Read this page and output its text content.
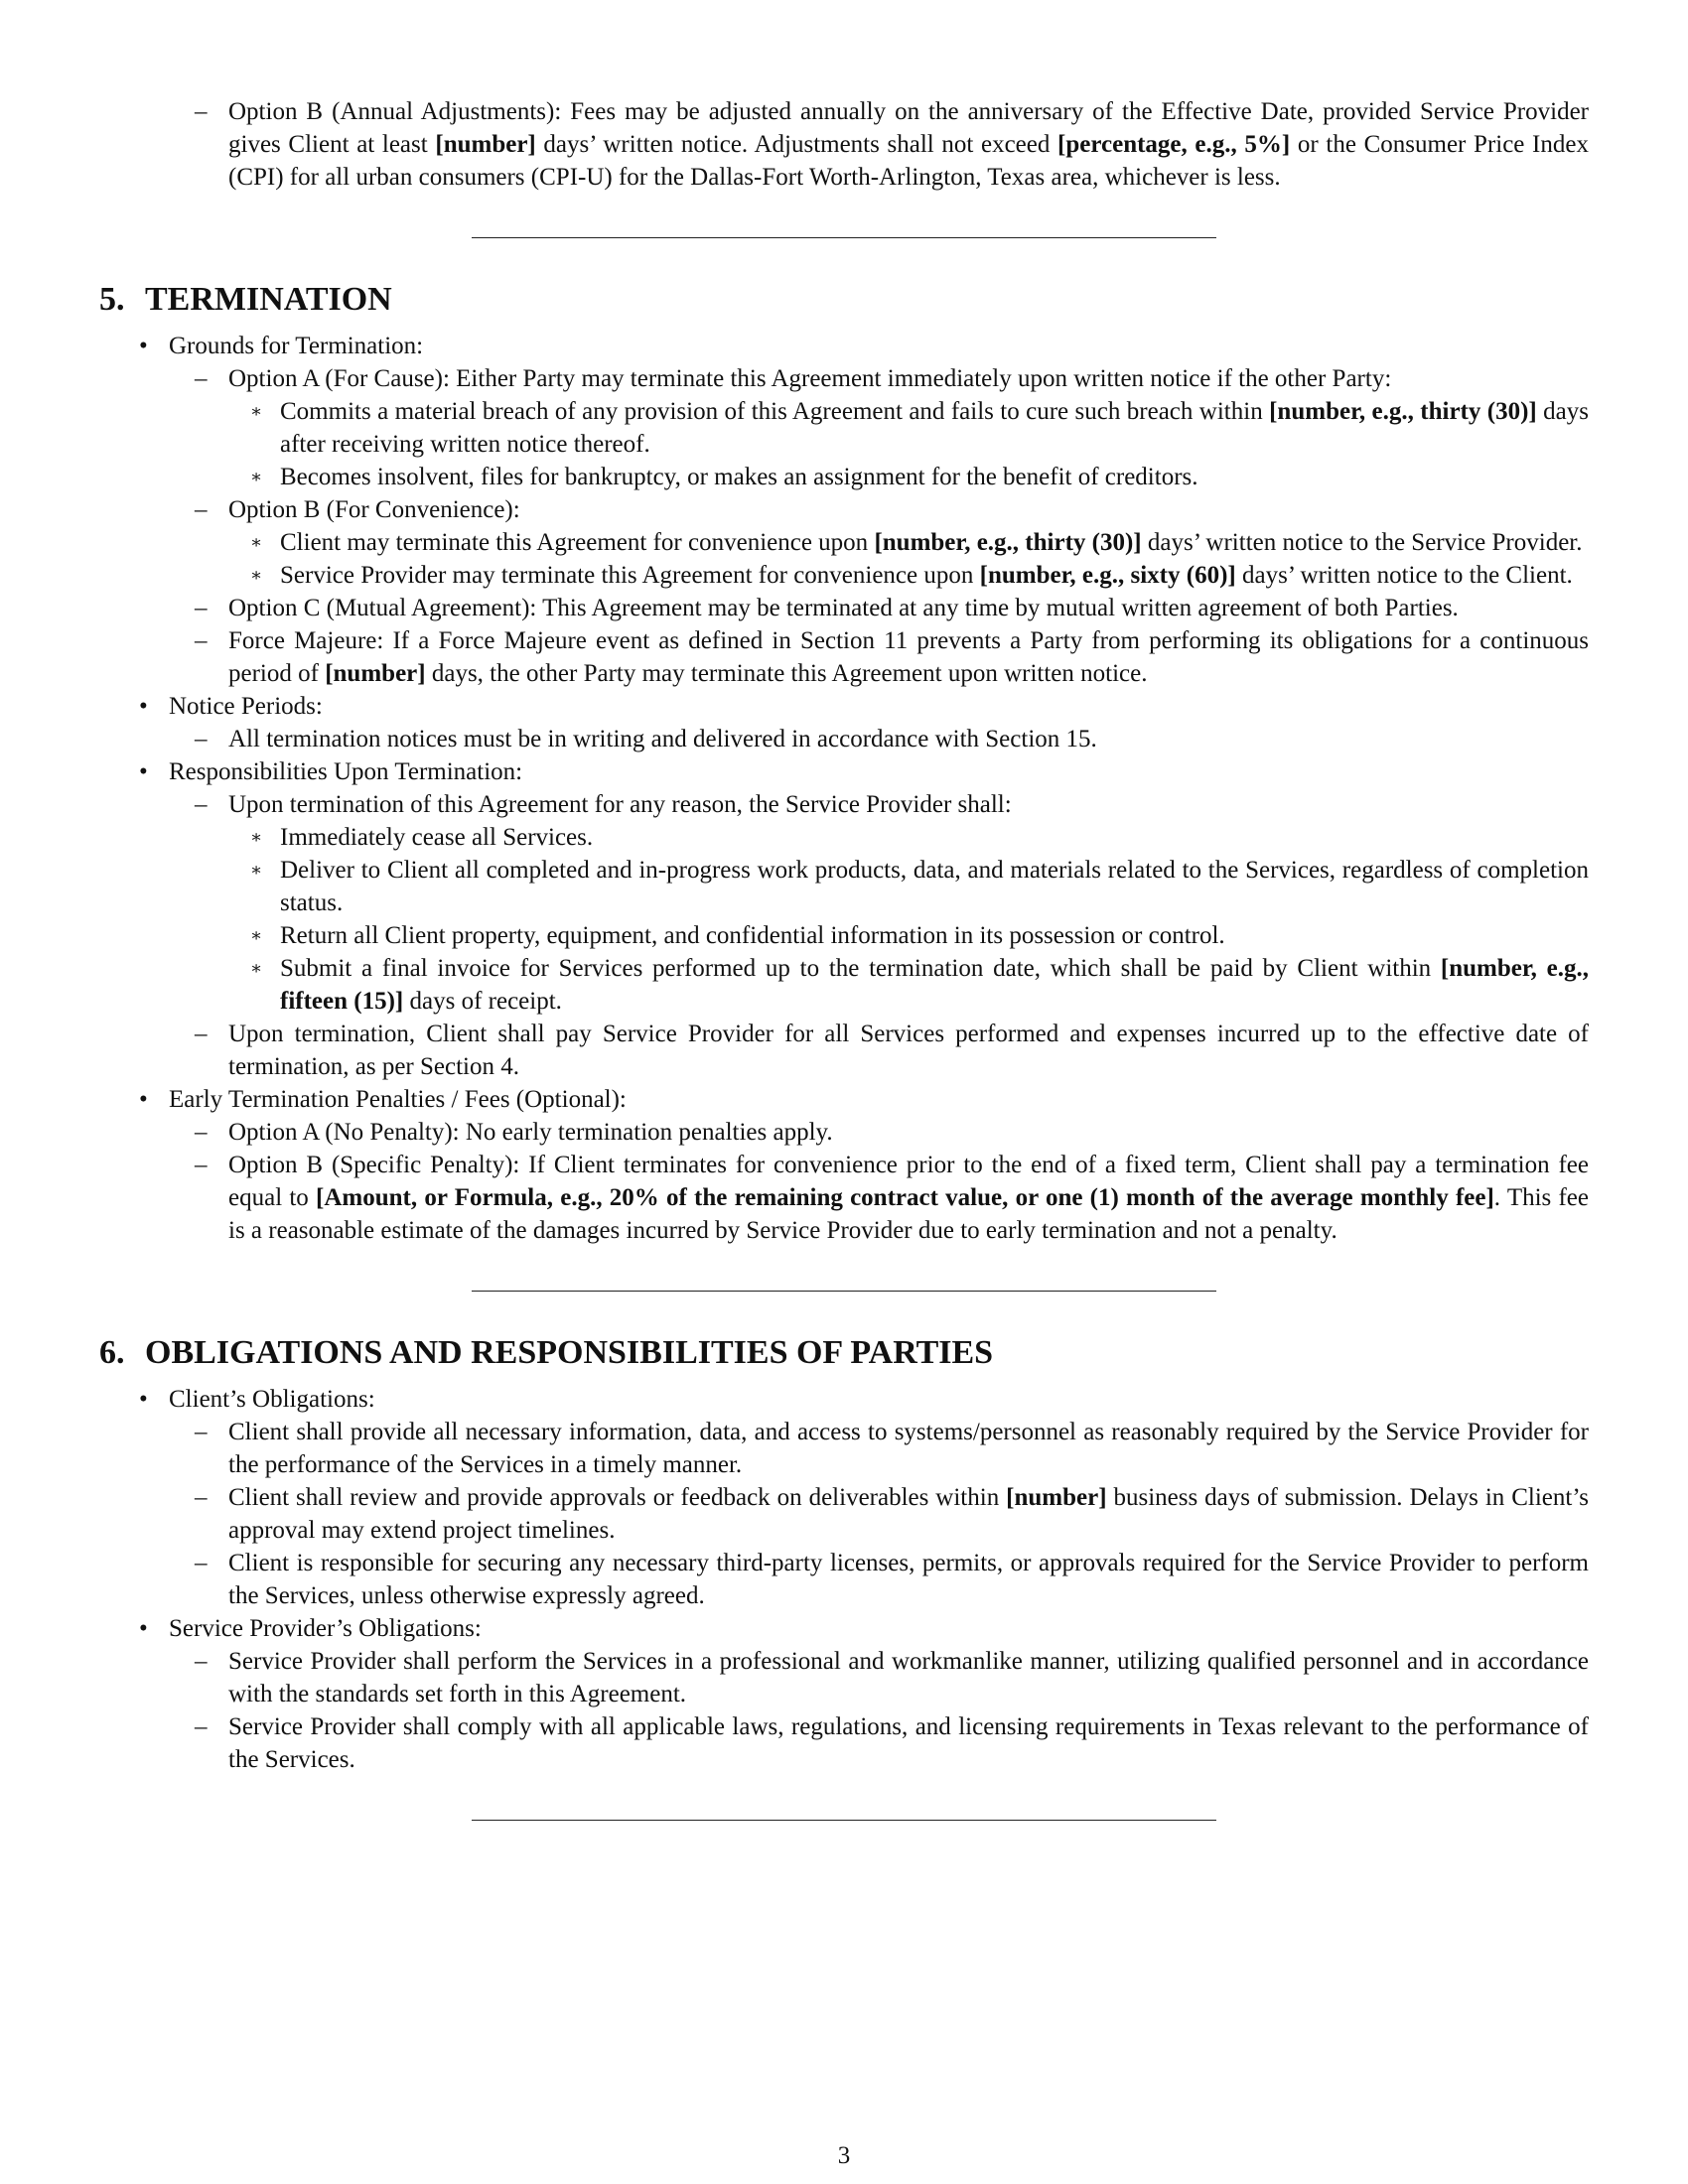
– Option B (Annual Adjustments): Fees may be adjusted annually on the anniversary of the Effective Date, provided Service Provider gives Client at least [number] days’ written notice. Adjustments shall not exceed [percentage, e.g., 5%] or the Consumer Price Index (CPI) for all urban consumers (CPI-U) for the Dallas-Fort Worth-Arlington, Texas area, whichever is less.
5. TERMINATION
• Grounds for Termination:
– Option A (For Cause): Either Party may terminate this Agreement immediately upon written notice if the other Party:
∗ Commits a material breach of any provision of this Agreement and fails to cure such breach within [number, e.g., thirty (30)] days after receiving written notice thereof.
∗ Becomes insolvent, files for bankruptcy, or makes an assignment for the benefit of creditors.
– Option B (For Convenience):
∗ Client may terminate this Agreement for convenience upon [number, e.g., thirty (30)] days’ written notice to the Service Provider.
∗ Service Provider may terminate this Agreement for convenience upon [number, e.g., sixty (60)] days’ written notice to the Client.
– Option C (Mutual Agreement): This Agreement may be terminated at any time by mutual written agreement of both Parties.
– Force Majeure: If a Force Majeure event as defined in Section 11 prevents a Party from performing its obligations for a continuous period of [number] days, the other Party may terminate this Agreement upon written notice.
• Notice Periods:
– All termination notices must be in writing and delivered in accordance with Section 15.
• Responsibilities Upon Termination:
– Upon termination of this Agreement for any reason, the Service Provider shall:
∗ Immediately cease all Services.
∗ Deliver to Client all completed and in-progress work products, data, and materials related to the Services, regardless of completion status.
∗ Return all Client property, equipment, and confidential information in its possession or control.
∗ Submit a final invoice for Services performed up to the termination date, which shall be paid by Client within [number, e.g., fifteen (15)] days of receipt.
– Upon termination, Client shall pay Service Provider for all Services performed and expenses incurred up to the effective date of termination, as per Section 4.
• Early Termination Penalties / Fees (Optional):
– Option A (No Penalty): No early termination penalties apply.
– Option B (Specific Penalty): If Client terminates for convenience prior to the end of a fixed term, Client shall pay a termination fee equal to [Amount, or Formula, e.g., 20% of the remaining contract value, or one (1) month of the average monthly fee]. This fee is a reasonable estimate of the damages incurred by Service Provider due to early termination and not a penalty.
6. OBLIGATIONS AND RESPONSIBILITIES OF PARTIES
• Client’s Obligations:
– Client shall provide all necessary information, data, and access to systems/personnel as reasonably required by the Service Provider for the performance of the Services in a timely manner.
– Client shall review and provide approvals or feedback on deliverables within [number] business days of submission. Delays in Client’s approval may extend project timelines.
– Client is responsible for securing any necessary third-party licenses, permits, or approvals required for the Service Provider to perform the Services, unless otherwise expressly agreed.
• Service Provider’s Obligations:
– Service Provider shall perform the Services in a professional and workmanlike manner, utilizing qualified personnel and in accordance with the standards set forth in this Agreement.
– Service Provider shall comply with all applicable laws, regulations, and licensing requirements in Texas relevant to the performance of the Services.
3
